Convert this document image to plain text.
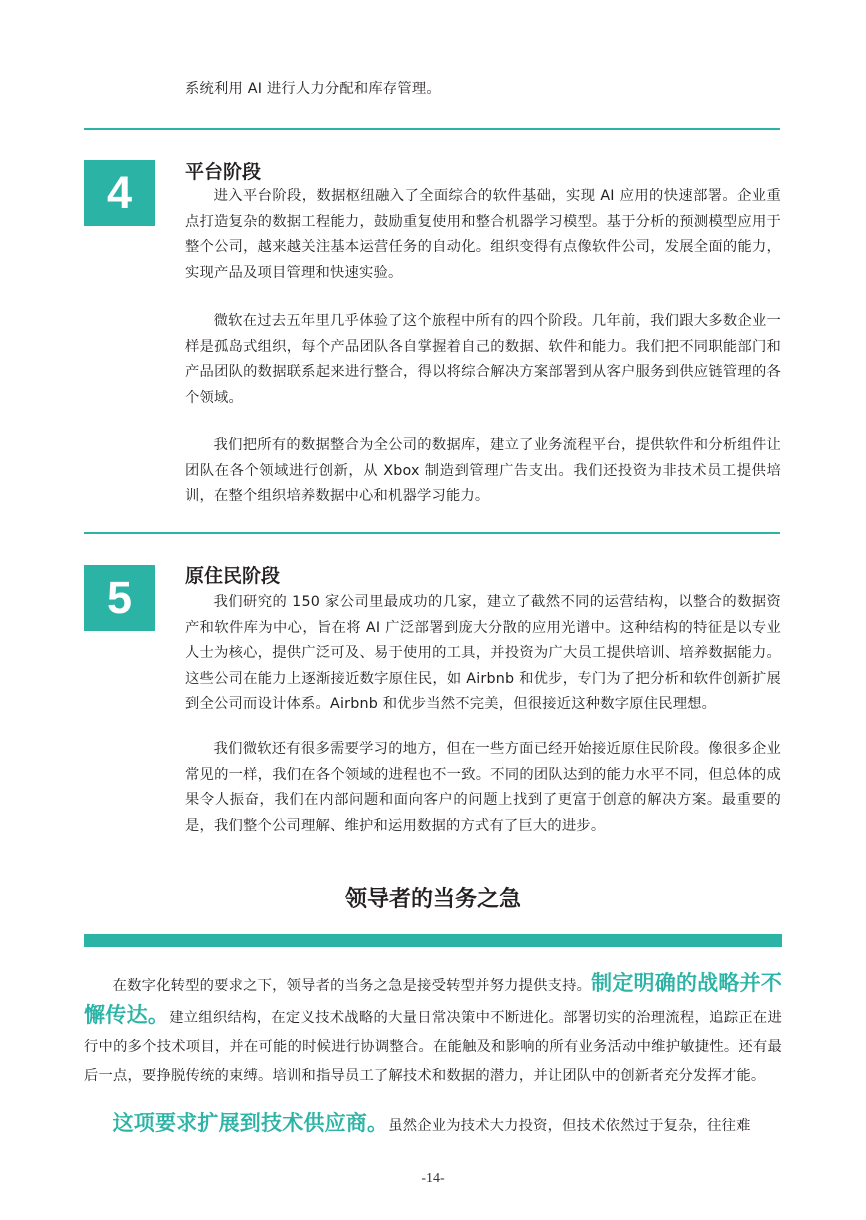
系统利用 AI 进行人力分配和库存管理。

4	平台阶段

进入平台阶段，数据枢纽融入了全面综合的软件基础，实现 AI 应用的快速部署。企业重点打造复杂的数据工程能力，鼓励重复使用和整合机器学习模型。基于分析的预测模型应用于整个公司，越来越关注基本运营任务的自动化。组织变得有点像软件公司，发展全面的能力，实现产品及项目管理和快速实验。

微软在过去五年里几乎体验了这个旅程中所有的四个阶段。几年前，我们跟大多数企业一样是孤岛式组织，每个产品团队各自掌握着自己的数据、软件和能力。我们把不同职能部门和产品团队的数据联系起来进行整合，得以将综合解决方案部署到从客户服务到供应链管理的各个领域。

我们把所有的数据整合为全公司的数据库，建立了业务流程平台，提供软件和分析组件让团队在各个领域进行创新，从 Xbox 制造到管理广告支出。我们还投资为非技术员工提供培训，在整个组织培养数据中心和机器学习能力。

5	原住民阶段

我们研究的 150 家公司里最成功的几家，建立了截然不同的运营结构，以整合的数据资产和软件库为中心，旨在将 AI 广泛部署到庞大分散的应用光谱中。这种结构的特征是以专业人士为核心，提供广泛可及、易于使用的工具，并投资为广大员工提供培训、培养数据能力。这些公司在能力上逐渐接近数字原住民，如 Airbnb 和优步，专门为了把分析和软件创新扩展到全公司而设计体系。Airbnb 和优步当然不完美，但很接近这种数字原住民理想。

我们微软还有很多需要学习的地方，但在一些方面已经开始接近原住民阶段。像很多企业常见的一样，我们在各个领域的进程也不一致。不同的团队达到的能力水平不同，但总体的成果令人振奋，我们在内部问题和面向客户的问题上找到了更富于创意的解决方案。最重要的是，我们整个公司理解、维护和运用数据的方式有了巨大的进步。

领导者的当务之急

在数字化转型的要求之下，领导者的当务之急是接受转型并努力提供支持。制定明确的战略并不懈传达。建立组织结构，在定义技术战略的大量日常决策中不断进化。部署切实的治理流程，追踪正在进行中的多个技术项目，并在可能的时候进行协调整合。在能触及和影响的所有业务活动中维护敏捷性。还有最后一点，要挣脱传统的束缚。培训和指导员工了解技术和数据的潜力，并让团队中的创新者充分发挥才能。

这项要求扩展到技术供应商。虽然企业为技术大力投资，但技术依然过于复杂，往往难

-14-
